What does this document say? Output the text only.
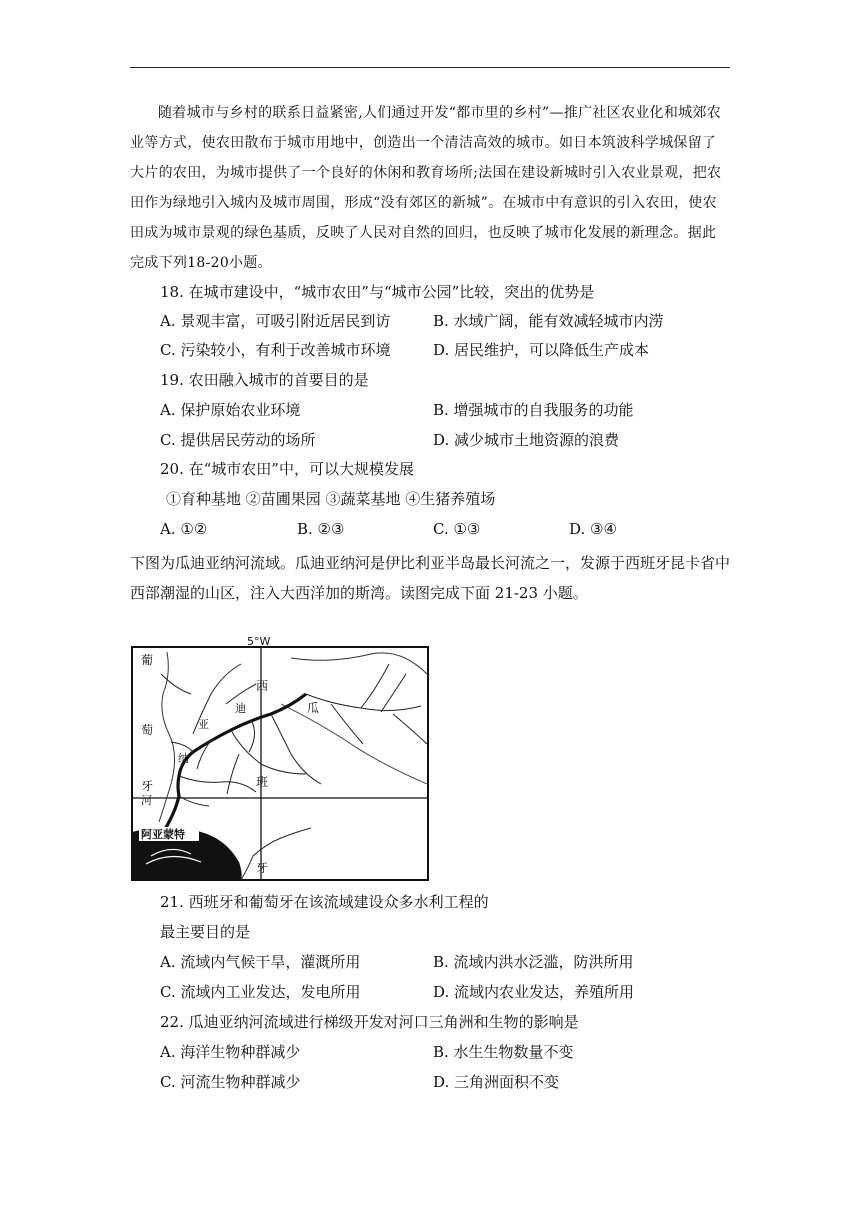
随着城市与乡村的联系日益紧密,人们通过开发“都市里的乡村”—推广社区农业化和城郊农业等方式，使农田散布于城市用地中，创造出一个清洁高效的城市。如日本筑波科学城保留了大片的农田，为城市提供了一个良好的休闲和教育场所;法国在建设新城时引入农业景观，把农田作为绿地引入城内及城市周围，形成“没有郊区的新城”。在城市中有意识的引入农田，使农田成为城市景观的绿色基质，反映了人民对自然的回归，也反映了城市化发展的新理念。据此完成下列18-20小题。
18. 在城市建设中，“城市农田”与“城市公园”比较，突出的优势是
A. 景观丰富，可吸引附近居民到访	B. 水域广阔，能有效减轻城市内涝
C. 污染较小，有利于改善城市环境	D. 居民维护，可以降低生产成本
19. 农田融入城市的首要目的是
A. 保护原始农业环境	B. 增强城市的自我服务的功能
C. 提供居民劳动的场所	D. 减少城市土地资源的浪费
20. 在“城市农田”中，可以大规模发展
①育种基地 ②苗圃果园 ③蔬菜基地 ④生猪养殖场
A. ①②	B. ②③	C. ①③	D. ③④
下图为瓜迪亚纳河流域。瓜迪亚纳河是伊比利亚半岛最长河流之一，发源于西班牙昆卡省中西部潮湿的山区，注入大西洋加的斯湾。读图完成下面 21-23 小题。
5°W
葡
萄
牙
西
班
牙
瓜
迪
亚
纳
河
阿亚蒙特
21. 西班牙和葡萄牙在该流域建设众多水利工程的
最主要目的是
A. 流域内气候干旱，灌溉所用	B. 流域内洪水泛滥，防洪所用
C. 流域内工业发达，发电所用	D. 流域内农业发达，养殖所用
22. 瓜迪亚纳河流域进行梯级开发对河口三角洲和生物的影响是
A. 海洋生物种群减少	B. 水生生物数量不变
C. 河流生物种群减少	D. 三角洲面积不变
